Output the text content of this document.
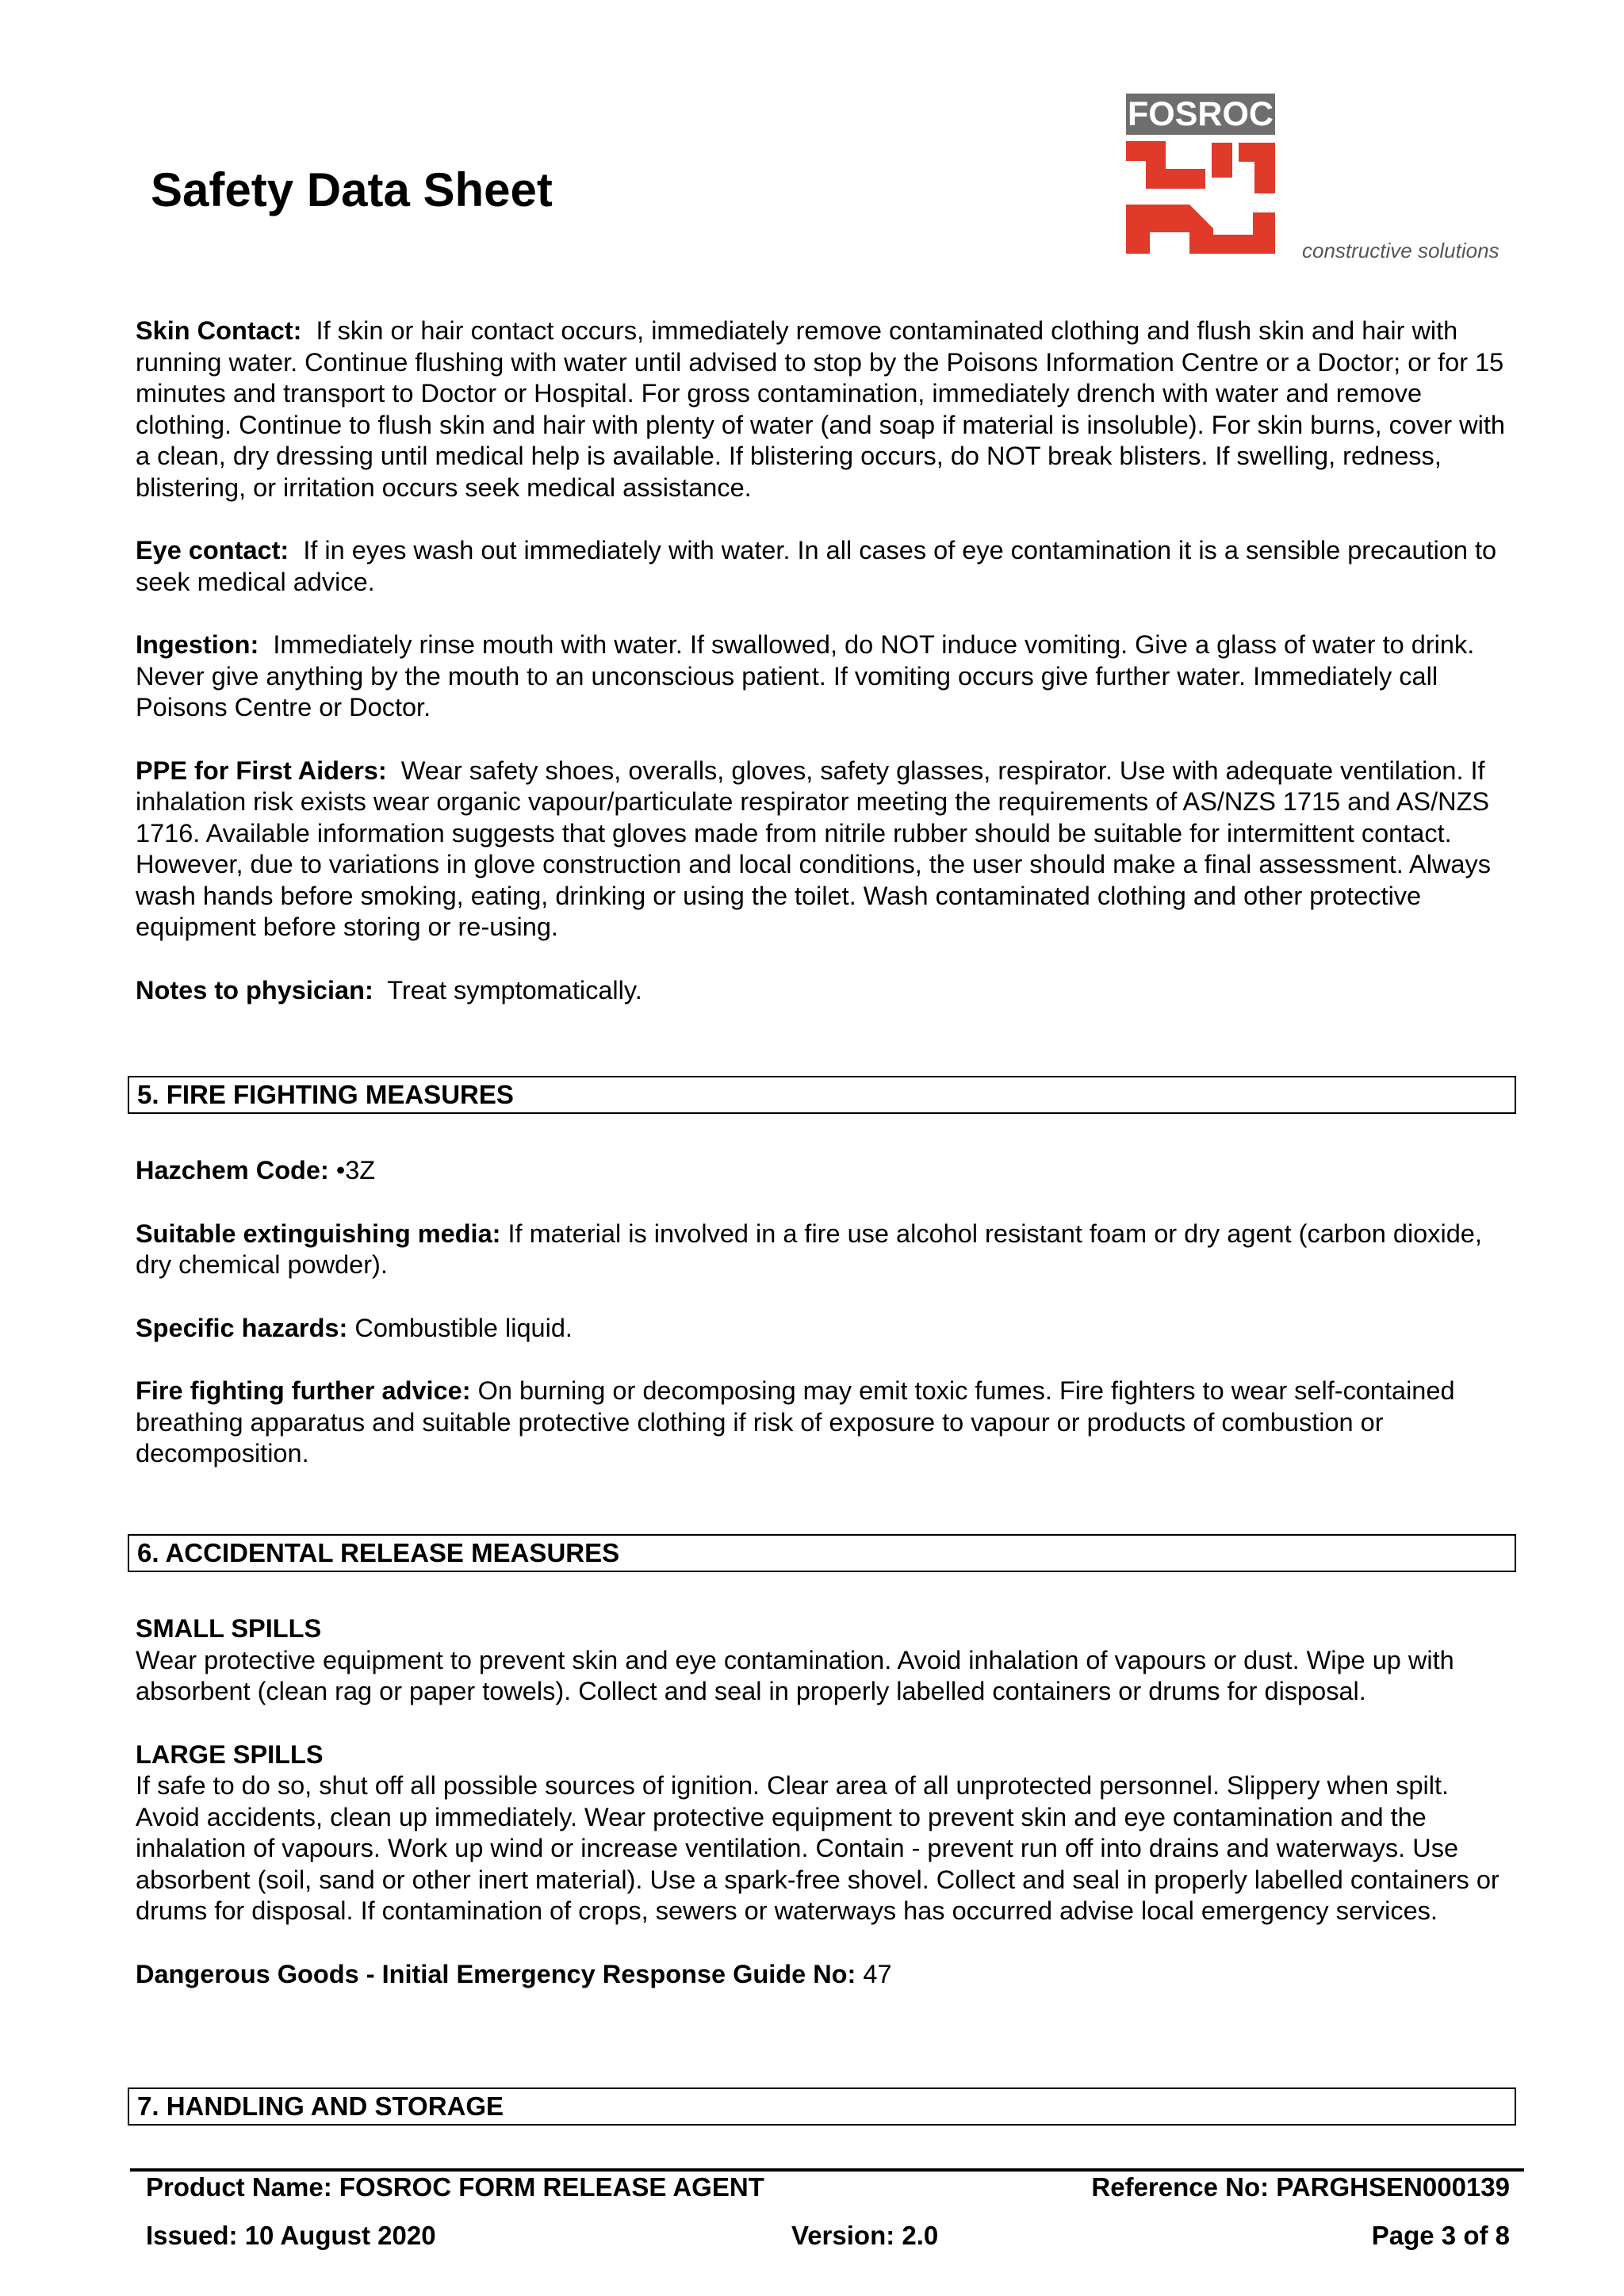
Safety Data Sheet
FOSROC
constructive solutions

Skin Contact: If skin or hair contact occurs, immediately remove contaminated clothing and flush skin and hair with running water. Continue flushing with water until advised to stop by the Poisons Information Centre or a Doctor; or for 15 minutes and transport to Doctor or Hospital. For gross contamination, immediately drench with water and remove clothing. Continue to flush skin and hair with plenty of water (and soap if material is insoluble). For skin burns, cover with a clean, dry dressing until medical help is available. If blistering occurs, do NOT break blisters. If swelling, redness, blistering, or irritation occurs seek medical assistance.

Eye contact: If in eyes wash out immediately with water. In all cases of eye contamination it is a sensible precaution to seek medical advice.

Ingestion: Immediately rinse mouth with water. If swallowed, do NOT induce vomiting. Give a glass of water to drink. Never give anything by the mouth to an unconscious patient. If vomiting occurs give further water. Immediately call Poisons Centre or Doctor.

PPE for First Aiders: Wear safety shoes, overalls, gloves, safety glasses, respirator. Use with adequate ventilation. If inhalation risk exists wear organic vapour/particulate respirator meeting the requirements of AS/NZS 1715 and AS/NZS 1716. Available information suggests that gloves made from nitrile rubber should be suitable for intermittent contact. However, due to variations in glove construction and local conditions, the user should make a final assessment. Always wash hands before smoking, eating, drinking or using the toilet. Wash contaminated clothing and other protective equipment before storing or re-using.

Notes to physician: Treat symptomatically.

5. FIRE FIGHTING MEASURES

Hazchem Code: •3Z

Suitable extinguishing media: If material is involved in a fire use alcohol resistant foam or dry agent (carbon dioxide, dry chemical powder).

Specific hazards: Combustible liquid.

Fire fighting further advice: On burning or decomposing may emit toxic fumes. Fire fighters to wear self-contained breathing apparatus and suitable protective clothing if risk of exposure to vapour or products of combustion or decomposition.

6. ACCIDENTAL RELEASE MEASURES

SMALL SPILLS
Wear protective equipment to prevent skin and eye contamination. Avoid inhalation of vapours or dust. Wipe up with absorbent (clean rag or paper towels). Collect and seal in properly labelled containers or drums for disposal.

LARGE SPILLS
If safe to do so, shut off all possible sources of ignition. Clear area of all unprotected personnel. Slippery when spilt. Avoid accidents, clean up immediately. Wear protective equipment to prevent skin and eye contamination and the inhalation of vapours. Work up wind or increase ventilation. Contain - prevent run off into drains and waterways. Use absorbent (soil, sand or other inert material). Use a spark-free shovel. Collect and seal in properly labelled containers or drums for disposal. If contamination of crops, sewers or waterways has occurred advise local emergency services.

Dangerous Goods - Initial Emergency Response Guide No: 47

7. HANDLING AND STORAGE
Product Name: FOSROC FORM RELEASE AGENT	Reference No: PARGHSEN000139
Issued: 10 August 2020	Version: 2.0	Page 3 of 8
